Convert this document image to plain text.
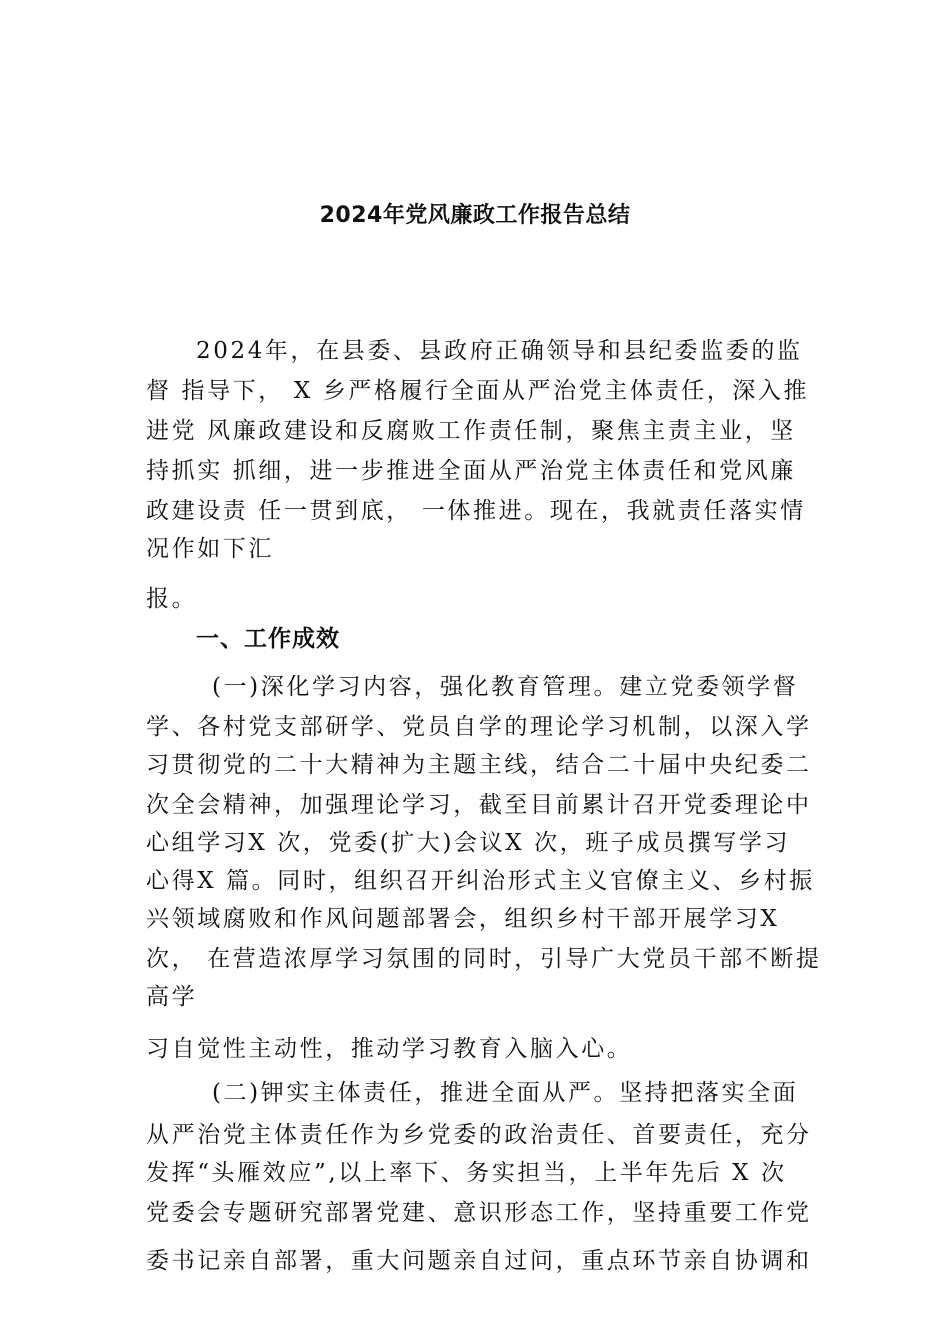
2024年党风廉政工作报告总结

2024年，在县委、县政府正确领导和县纪委监委的监

督 指导下， X 乡严格履行全面从严治党主体责任，深入推

进党 风廉政建设和反腐败工作责任制，聚焦主责主业，坚

持抓实 抓细，进一步推进全面从严治党主体责任和党风廉

政建设责 任一贯到底， 一体推进。现在，我就责任落实情

况作如下汇

报。

一、工作成效

(一)深化学习内容，强化教育管理。建立党委领学督

学、各村党支部研学、党员自学的理论学习机制，以深入学

习贯彻党的二十大精神为主题主线，结合二十届中央纪委二

次全会精神，加强理论学习，截至目前累计召开党委理论中

心组学习X 次，党委(扩大)会议X 次，班子成员撰写学习

心得X 篇。同时，组织召开纠治形式主义官僚主义、乡村振

兴领域腐败和作风问题部署会，组织乡村干部开展学习X

次， 在营造浓厚学习氛围的同时，引导广大党员干部不断提

高学

习自觉性主动性，推动学习教育入脑入心。

(二)钾实主体责任，推进全面从严。坚持把落实全面

从严治党主体责任作为乡党委的政治责任、首要责任，充分

发挥“头雁效应”,以上率下、务实担当，上半年先后 X 次

党委会专题研究部署党建、意识形态工作，坚持重要工作党

委书记亲自部署，重大问题亲自过问，重点环节亲自协调和
